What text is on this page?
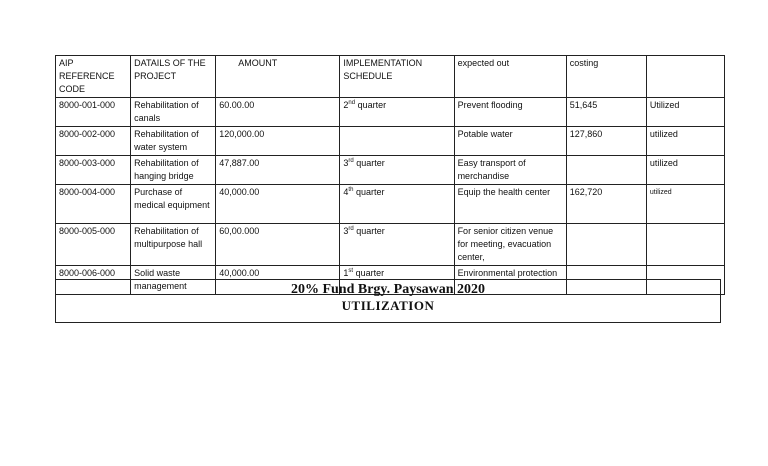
AIP REFERENCE CODE	DATAILS OF THE PROJECT	AMOUNT	IMPLEMENTATION SCHEDULE	expected out	costing	
8000-001-000	Rehabilitation of canals	60.00.00	2nd quarter	Prevent flooding	51,645	Utilized
8000-002-000	Rehabilitation of water system	120,000.00		Potable water	127,860	utilized
8000-003-000	Rehabilitation of hanging bridge	47,887.00	3rd quarter	Easy transport of merchandise		utilized
8000-004-000	Purchase of medical equipment	40,000.00	4th quarter	Equip the health center	162,720	utilized
8000-005-000	Rehabilitation of multipurpose hall	60,00.000	3rd quarter	For senior citizen venue for meeting, evacuation center,		
8000-006-000	Solid waste management	40,000.00	1st quarter	Environmental protection		
20% Fund Brgy. Paysawan 2020
UTILIZATION
